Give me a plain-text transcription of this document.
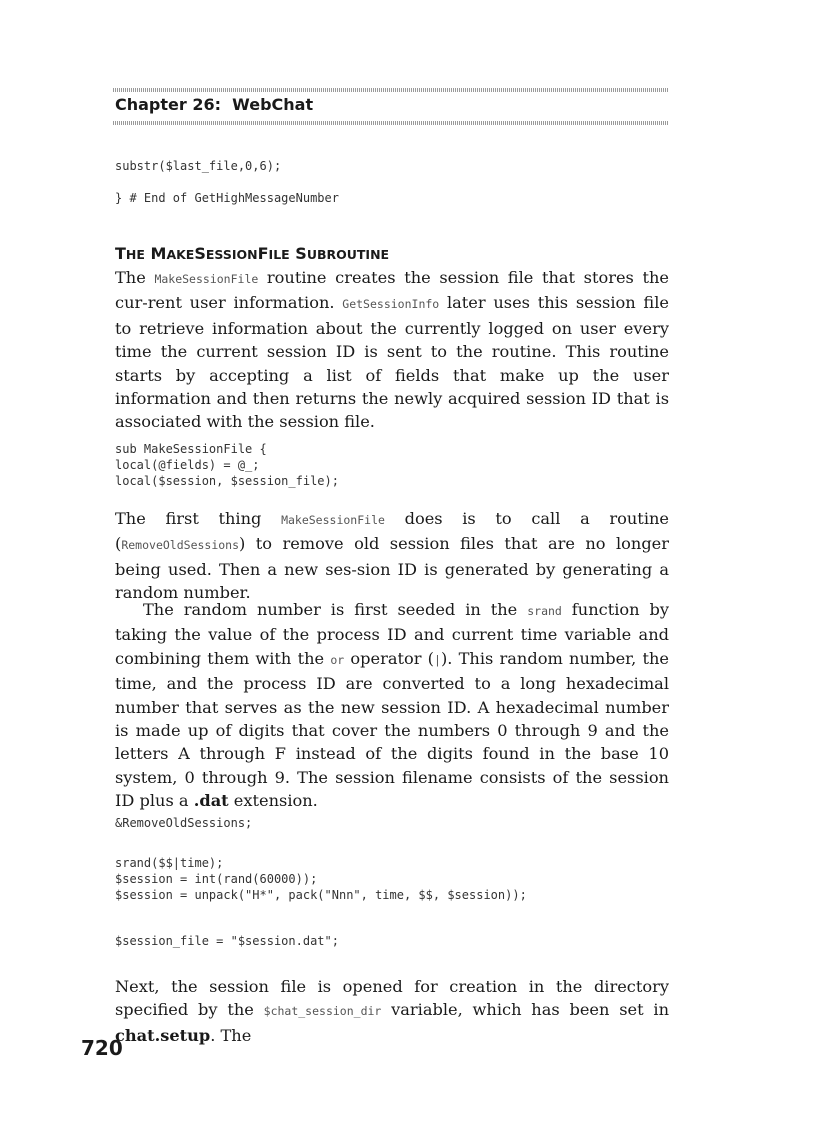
Chapter 26: WebChat
substr($last_file,0,6);

} # End of GetHighMessageNumber
THE MAKESESSIONFILE SUBROUTINE

The MakeSessionFile routine creates the session file that stores the cur-rent user information. GetSessionInfo later uses this session file to retrieve information about the currently logged on user every time the current session ID is sent to the routine. This routine starts by accepting a list of fields that make up the user information and then returns the newly acquired session ID that is associated with the session file.

sub MakeSessionFile {
local(@fields) = @_;
local($session, $session_file);

The first thing MakeSessionFile does is to call a routine (RemoveOldSessions) to remove old session files that are no longer being used. Then a new ses-sion ID is generated by generating a random number.

The random number is first seeded in the srand function by taking the value of the process ID and current time variable and combining them with the or operator (|). This random number, the time, and the process ID are converted to a long hexadecimal number that serves as the new session ID. A hexadecimal number is made up of digits that cover the numbers 0 through 9 and the letters A through F instead of the digits found in the base 10 system, 0 through 9. The session filename consists of the session ID plus a .dat extension.

&RemoveOldSessions;
srand($$|time);
$session = int(rand(60000));
$session = unpack("H*", pack("Nnn", time, $$, $session));
$session_file = "$session.dat";

Next, the session file is opened for creation in the directory specified by the $chat_session_dir variable, which has been set in chat.setup. The

720
